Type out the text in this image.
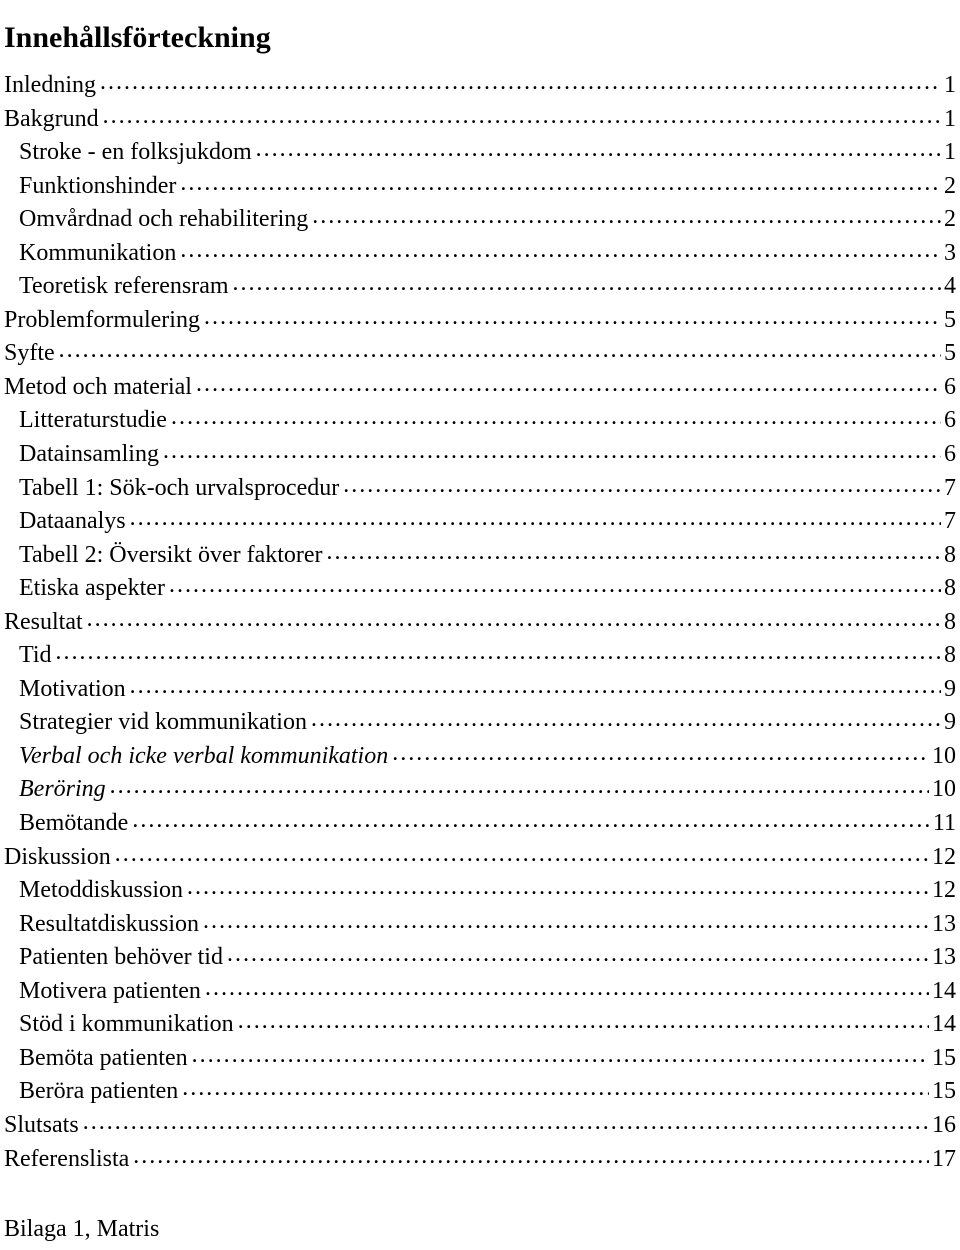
Innehållsförteckning
Inledning ……………………………………………………………………………………………………………………………………………………………………………………………………	1
Bakgrund ……………………………………………………………………………………………………………………………………………………………………………………………………	1
Stroke - en folksjukdom ……………………………………………………………………………………………………………………………………………………………………………………………………	1
Funktionshinder ……………………………………………………………………………………………………………………………………………………………………………………………………	2
Omvårdnad och rehabilitering ……………………………………………………………………………………………………………………………………………………………………………………………………	2
Kommunikation ……………………………………………………………………………………………………………………………………………………………………………………………………	3
Teoretisk referensram ……………………………………………………………………………………………………………………………………………………………………………………………………	4
Problemformulering ……………………………………………………………………………………………………………………………………………………………………………………………………	5
Syfte ……………………………………………………………………………………………………………………………………………………………………………………………………	5
Metod och material ……………………………………………………………………………………………………………………………………………………………………………………………………	6
Litteraturstudie ……………………………………………………………………………………………………………………………………………………………………………………………………	6
Datainsamling ……………………………………………………………………………………………………………………………………………………………………………………………………	6
Tabell 1: Sök-och urvalsprocedur ……………………………………………………………………………………………………………………………………………………………………………………………………	7
Dataanalys ……………………………………………………………………………………………………………………………………………………………………………………………………	7
Tabell 2: Översikt över faktorer ……………………………………………………………………………………………………………………………………………………………………………………………………	8
Etiska aspekter ……………………………………………………………………………………………………………………………………………………………………………………………………	8
Resultat ……………………………………………………………………………………………………………………………………………………………………………………………………	8
Tid ……………………………………………………………………………………………………………………………………………………………………………………………………	8
Motivation ……………………………………………………………………………………………………………………………………………………………………………………………………	9
Strategier vid kommunikation ……………………………………………………………………………………………………………………………………………………………………………………………………	9
Verbal och icke verbal kommunikation ……………………………………………………………………………………………………………………………………………………………………………………………………	10
Beröring ……………………………………………………………………………………………………………………………………………………………………………………………………	10
Bemötande ……………………………………………………………………………………………………………………………………………………………………………………………………	11
Diskussion ……………………………………………………………………………………………………………………………………………………………………………………………………	12
Metoddiskussion ……………………………………………………………………………………………………………………………………………………………………………………………………	12
Resultatdiskussion ……………………………………………………………………………………………………………………………………………………………………………………………………	13
Patienten behöver tid ……………………………………………………………………………………………………………………………………………………………………………………………………	13
Motivera patienten ……………………………………………………………………………………………………………………………………………………………………………………………………	14
Stöd i kommunikation ……………………………………………………………………………………………………………………………………………………………………………………………………	14
Bemöta patienten ……………………………………………………………………………………………………………………………………………………………………………………………………	15
Beröra patienten ……………………………………………………………………………………………………………………………………………………………………………………………………	15
Slutsats ……………………………………………………………………………………………………………………………………………………………………………………………………	16
Referenslista ……………………………………………………………………………………………………………………………………………………………………………………………………	17
Bilaga 1, Matris
